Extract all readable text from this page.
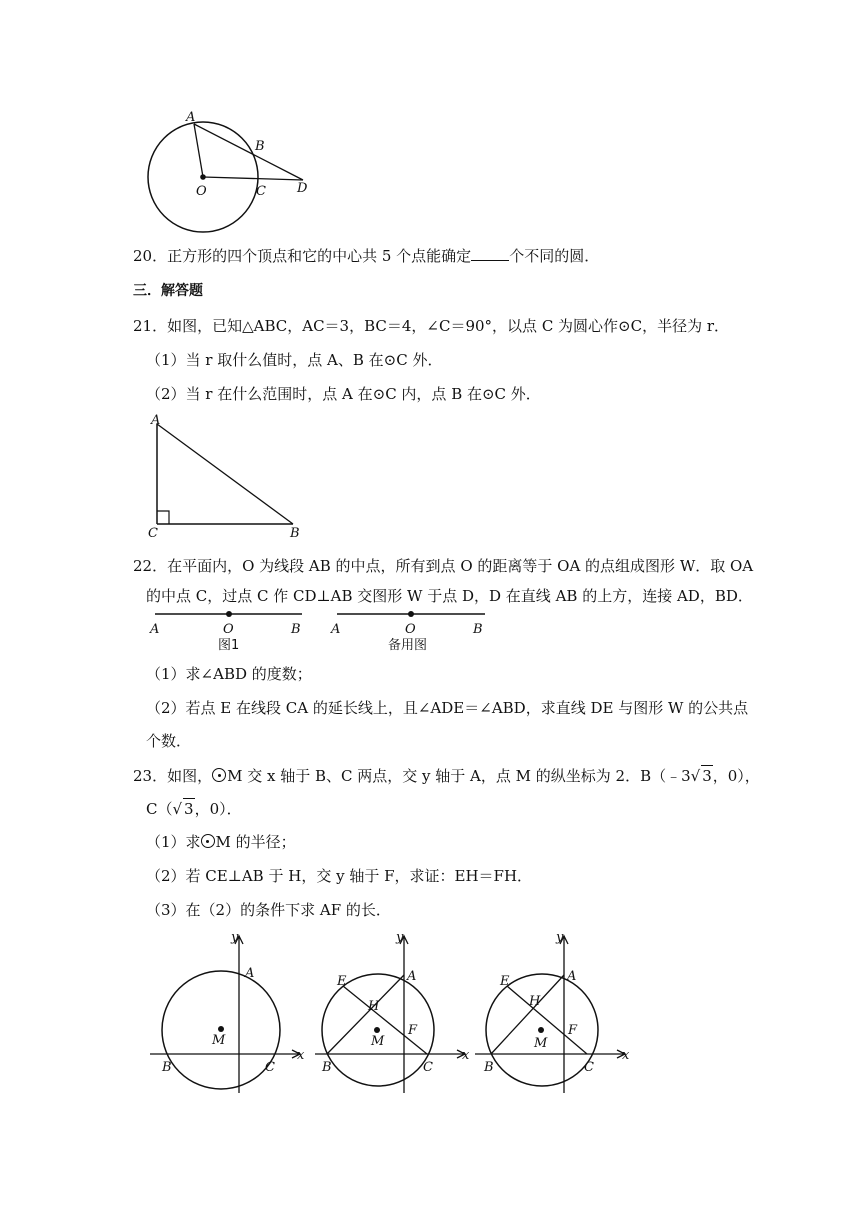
A
B
O	C D
20．正方形的四个顶点和它的中心共 5 个点能确定	个不同的圆．
三．解答题
21．如图，已知△ABC，AC＝3，BC＝4，∠C＝90°，以点 C 为圆心作⊙C，半径为 r．
（1）当 r 取什么值时，点 A、B 在⊙C 外．
（2）当 r 在什么范围时，点 A 在⊙C 内，点 B 在⊙C 外．
A
C	B
22．在平面内，O 为线段 AB 的中点，所有到点 O 的距离等于 OA 的点组成图形 W．取 OA
的中点 C，过点 C 作 CD⊥AB 交图形 W 于点 D，D 在直线 AB 的上方，连接 AD，BD．
A	O	B
图1
A	O	B
备用图
（1）求∠ABD 的度数；
（2）若点 E 在线段 CA 的延长线上，且∠ADE＝∠ABD，求直线 DE 与图形 W 的公共点
个数．
23．如图， M 交 x 轴于 B、C 两点，交 y 轴于 A，点 M 的纵坐标为 2．B（﹣3√ 3，0），
C（√ 3，0）．
（1）求 M 的半径；
（2）若 CE⊥AB 于 H，交 y 轴于 F，求证：EH＝FH．
（3）在（2）的条件下求 AF 的长．
y
x
A
M
B	C
y
x
A
E
H
F
M
B	C
y
x
A
E
H
F
M
B	C
